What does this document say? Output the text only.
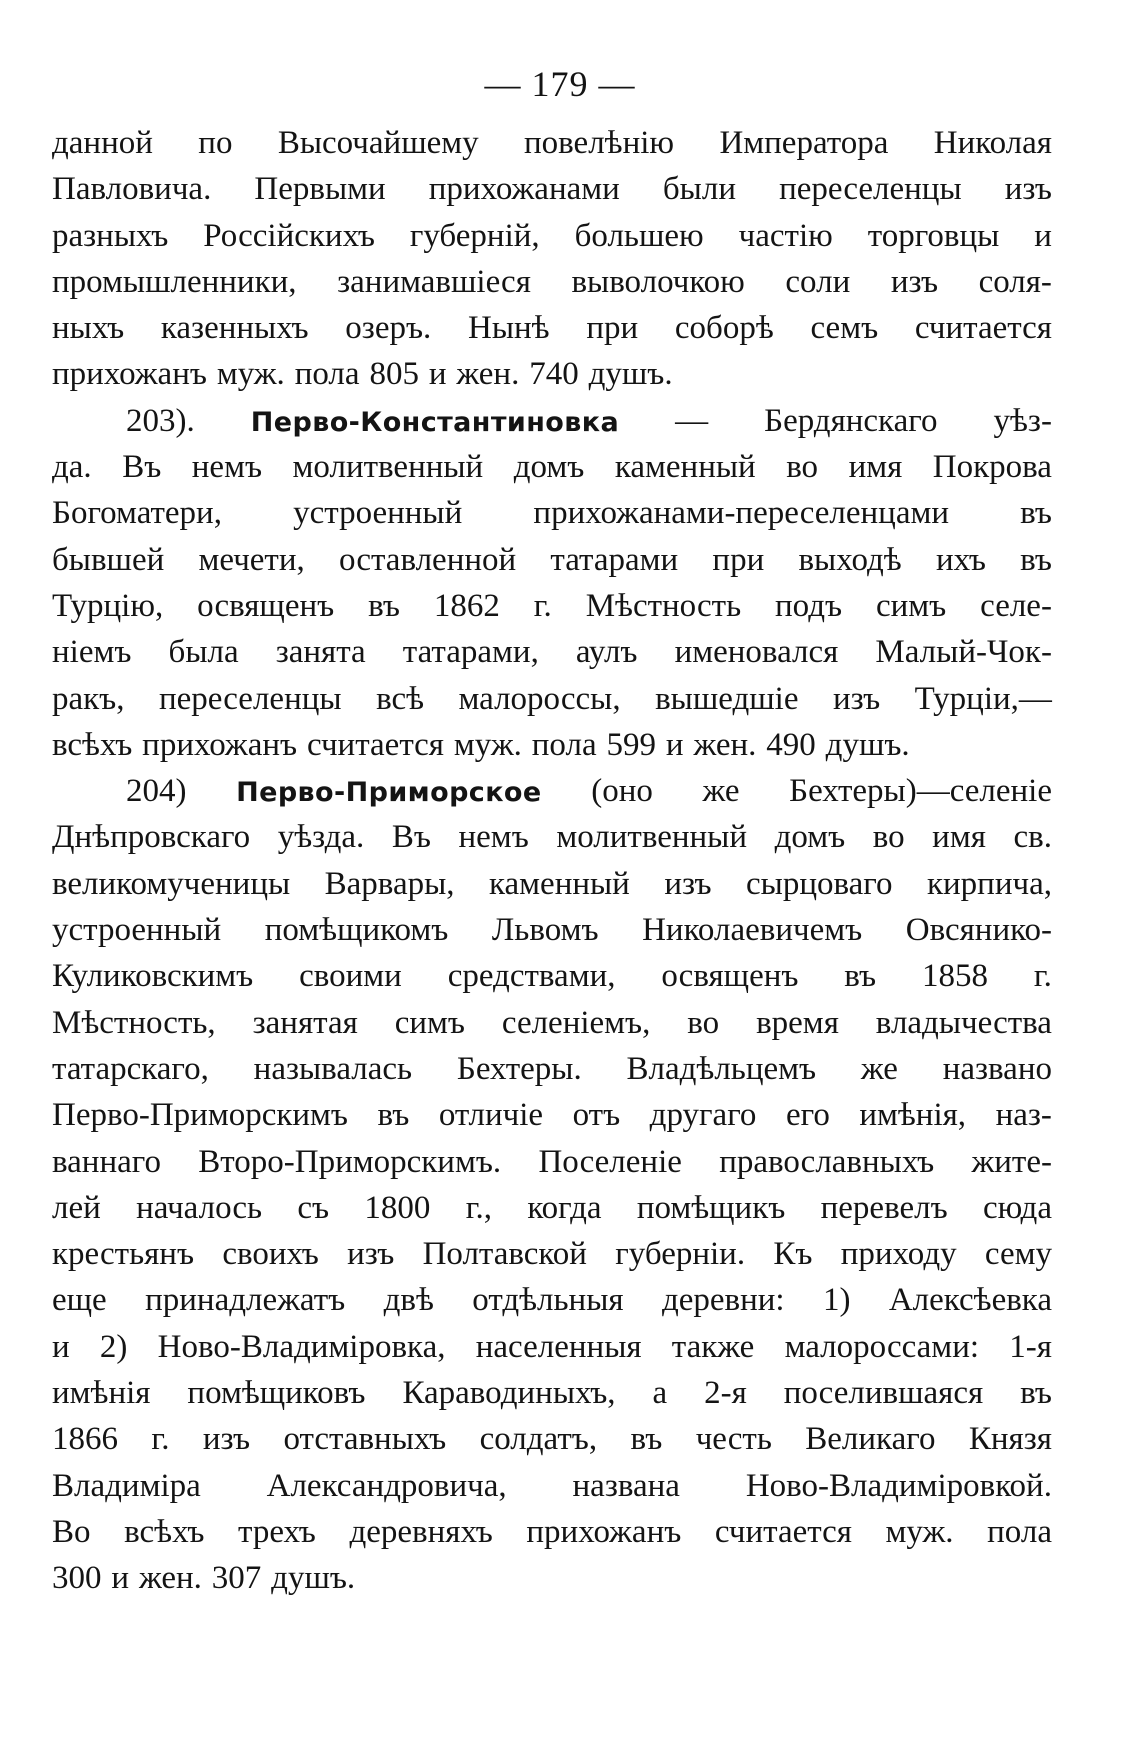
— 179 —
данной по Высочайшему повелѣнію Императора Николая
Павловича. Первыми прихожанами были переселенцы изъ
разныхъ Россійскихъ губерній, большею частію торговцы и
промышленники, занимавшіеся выволочкою соли изъ соля-
ныхъ казенныхъ озеръ. Нынѣ при соборѣ семъ считается
прихожанъ муж. пола 805 и жен. 740 душъ.
203). Перво-Константиновка — Бердянскаго уѣз-
да. Въ немъ молитвенный домъ каменный во имя Покрова
Богоматери, устроенный прихожанами-переселенцами въ
бывшей мечети, оставленной татарами при выходѣ ихъ въ
Турцію, освященъ въ 1862 г. Мѣстность подъ симъ селе-
ніемъ была занята татарами, аулъ именовался Малый-Чок-
ракъ, переселенцы всѣ малороссы, вышедшіе изъ Турціи,—
всѣхъ прихожанъ считается муж. пола 599 и жен. 490 душъ.
204) Перво-Приморское (оно же Бехтеры)—селеніе
Днѣпровскаго уѣзда. Въ немъ молитвенный домъ во имя св.
великомученицы Варвары, каменный изъ сырцоваго кирпича,
устроенный помѣщикомъ Львомъ Николаевичемъ Овсянико-
Куликовскимъ своими средствами, освященъ въ 1858 г.
Мѣстность, занятая симъ селеніемъ, во время владычества
татарскаго, называлась Бехтеры. Владѣльцемъ же названо
Перво-Приморскимъ въ отличіе отъ другаго его имѣнія, наз-
ваннаго Второ-Приморскимъ. Поселеніе православныхъ жите-
лей началось съ 1800 г., когда помѣщикъ перевелъ сюда
крестьянъ своихъ изъ Полтавской губерніи. Къ приходу сему
еще принадлежатъ двѣ отдѣльныя деревни: 1) Алексѣевка
и 2) Ново-Владиміровка, населенныя также малороссами: 1-я
имѣнія помѣщиковъ Караводиныхъ, а 2-я поселившаяся въ
1866 г. изъ отставныхъ солдатъ, въ честь Великаго Князя
Владиміра Александровича, названа Ново-Владиміровкой.
Во всѣхъ трехъ деревняхъ прихожанъ считается муж. пола
300 и жен. 307 душъ.
